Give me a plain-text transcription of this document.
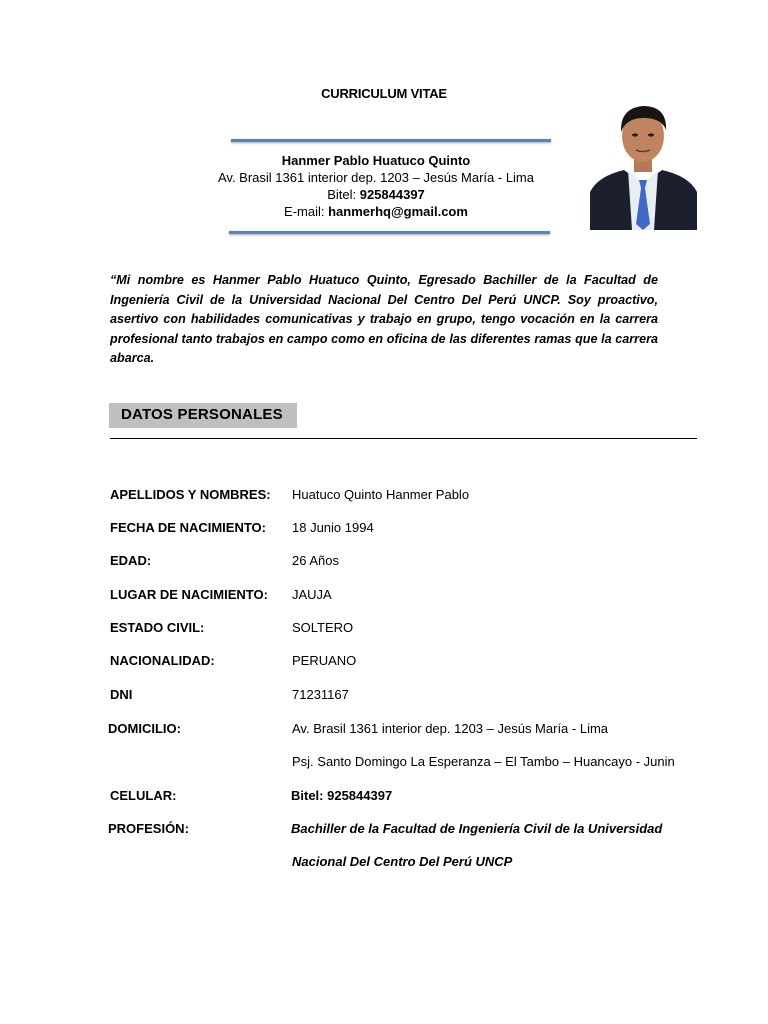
CURRICULUM VITAE
Hanmer Pablo Huatuco Quinto
Av. Brasil 1361 interior dep. 1203 – Jesús María - Lima
Bitel: 925844397
E-mail: hanmerhq@gmail.com
“Mi nombre es Hanmer Pablo Huatuco Quinto, Egresado Bachiller de la Facultad de Ingeniería Civil de la Universidad Nacional Del Centro Del Perú UNCP. Soy proactivo, asertivo con habilidades comunicativas y trabajo en grupo, tengo vocación en la carrera profesional tanto trabajos en campo como en oficina de las diferentes ramas que la carrera abarca.
DATOS PERSONALES
APELLIDOS Y NOMBRES: Huatuco Quinto Hanmer Pablo
FECHA DE NACIMIENTO: 18 Junio 1994
EDAD:	26 Años
LUGAR DE NACIMIENTO: JAUJA
ESTADO CIVIL:	SOLTERO
NACIONALIDAD:	PERUANO
DNI	71231167
DOMICILIO:	Av. Brasil 1361 interior dep. 1203 – Jesús María - Lima
Psj. Santo Domingo La Esperanza – El Tambo – Huancayo - Junin
CELULAR:	Bitel: 925844397
PROFESIÓN:	Bachiller de la Facultad de Ingeniería Civil de la Universidad
Nacional Del Centro Del Perú UNCP
